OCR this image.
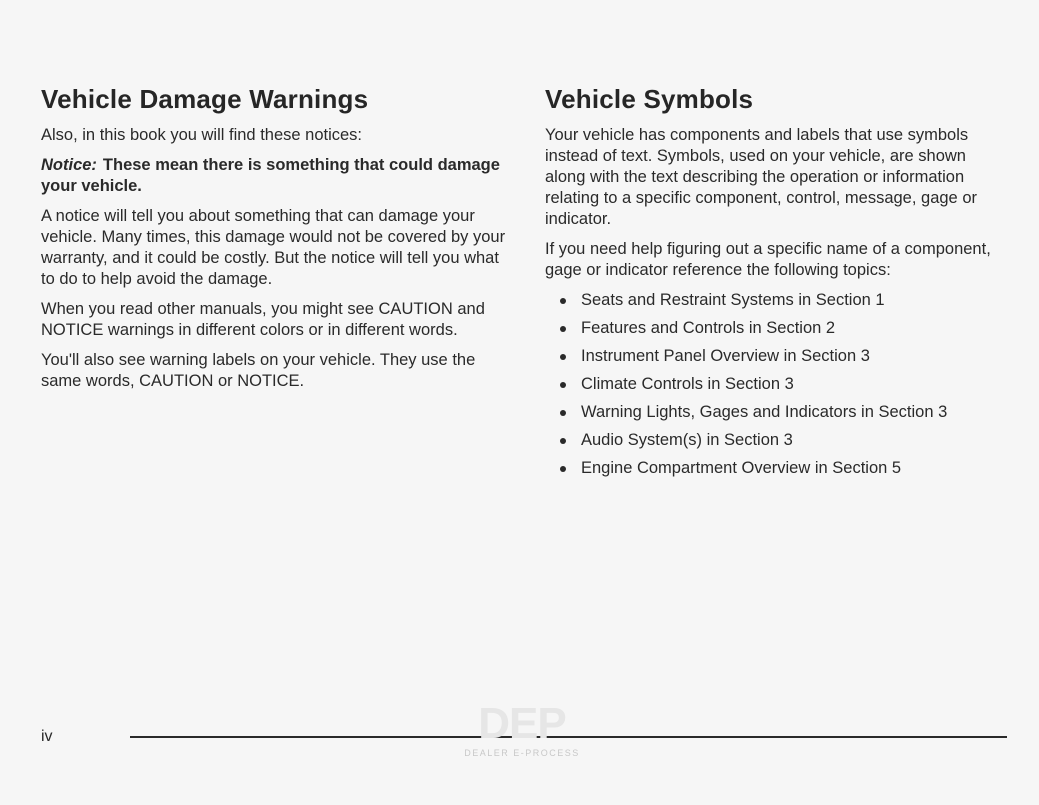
Vehicle Damage Warnings

Also, in this book you will find these notices:

Notice: These mean there is something that could damage your vehicle.

A notice will tell you about something that can damage your vehicle. Many times, this damage would not be covered by your warranty, and it could be costly. But the notice will tell you what to do to help avoid the damage.

When you read other manuals, you might see CAUTION and NOTICE warnings in different colors or in different words.

You'll also see warning labels on your vehicle. They use the same words, CAUTION or NOTICE.

Vehicle Symbols

Your vehicle has components and labels that use symbols instead of text. Symbols, used on your vehicle, are shown along with the text describing the operation or information relating to a specific component, control, message, gage or indicator.

If you need help figuring out a specific name of a component, gage or indicator reference the following topics:

Seats and Restraint Systems in Section 1
Features and Controls in Section 2
Instrument Panel Overview in Section 3
Climate Controls in Section 3
Warning Lights, Gages and Indicators in Section 3
Audio System(s) in Section 3
Engine Compartment Overview in Section 5
iv	DEP
DEALER E-PROCESS
